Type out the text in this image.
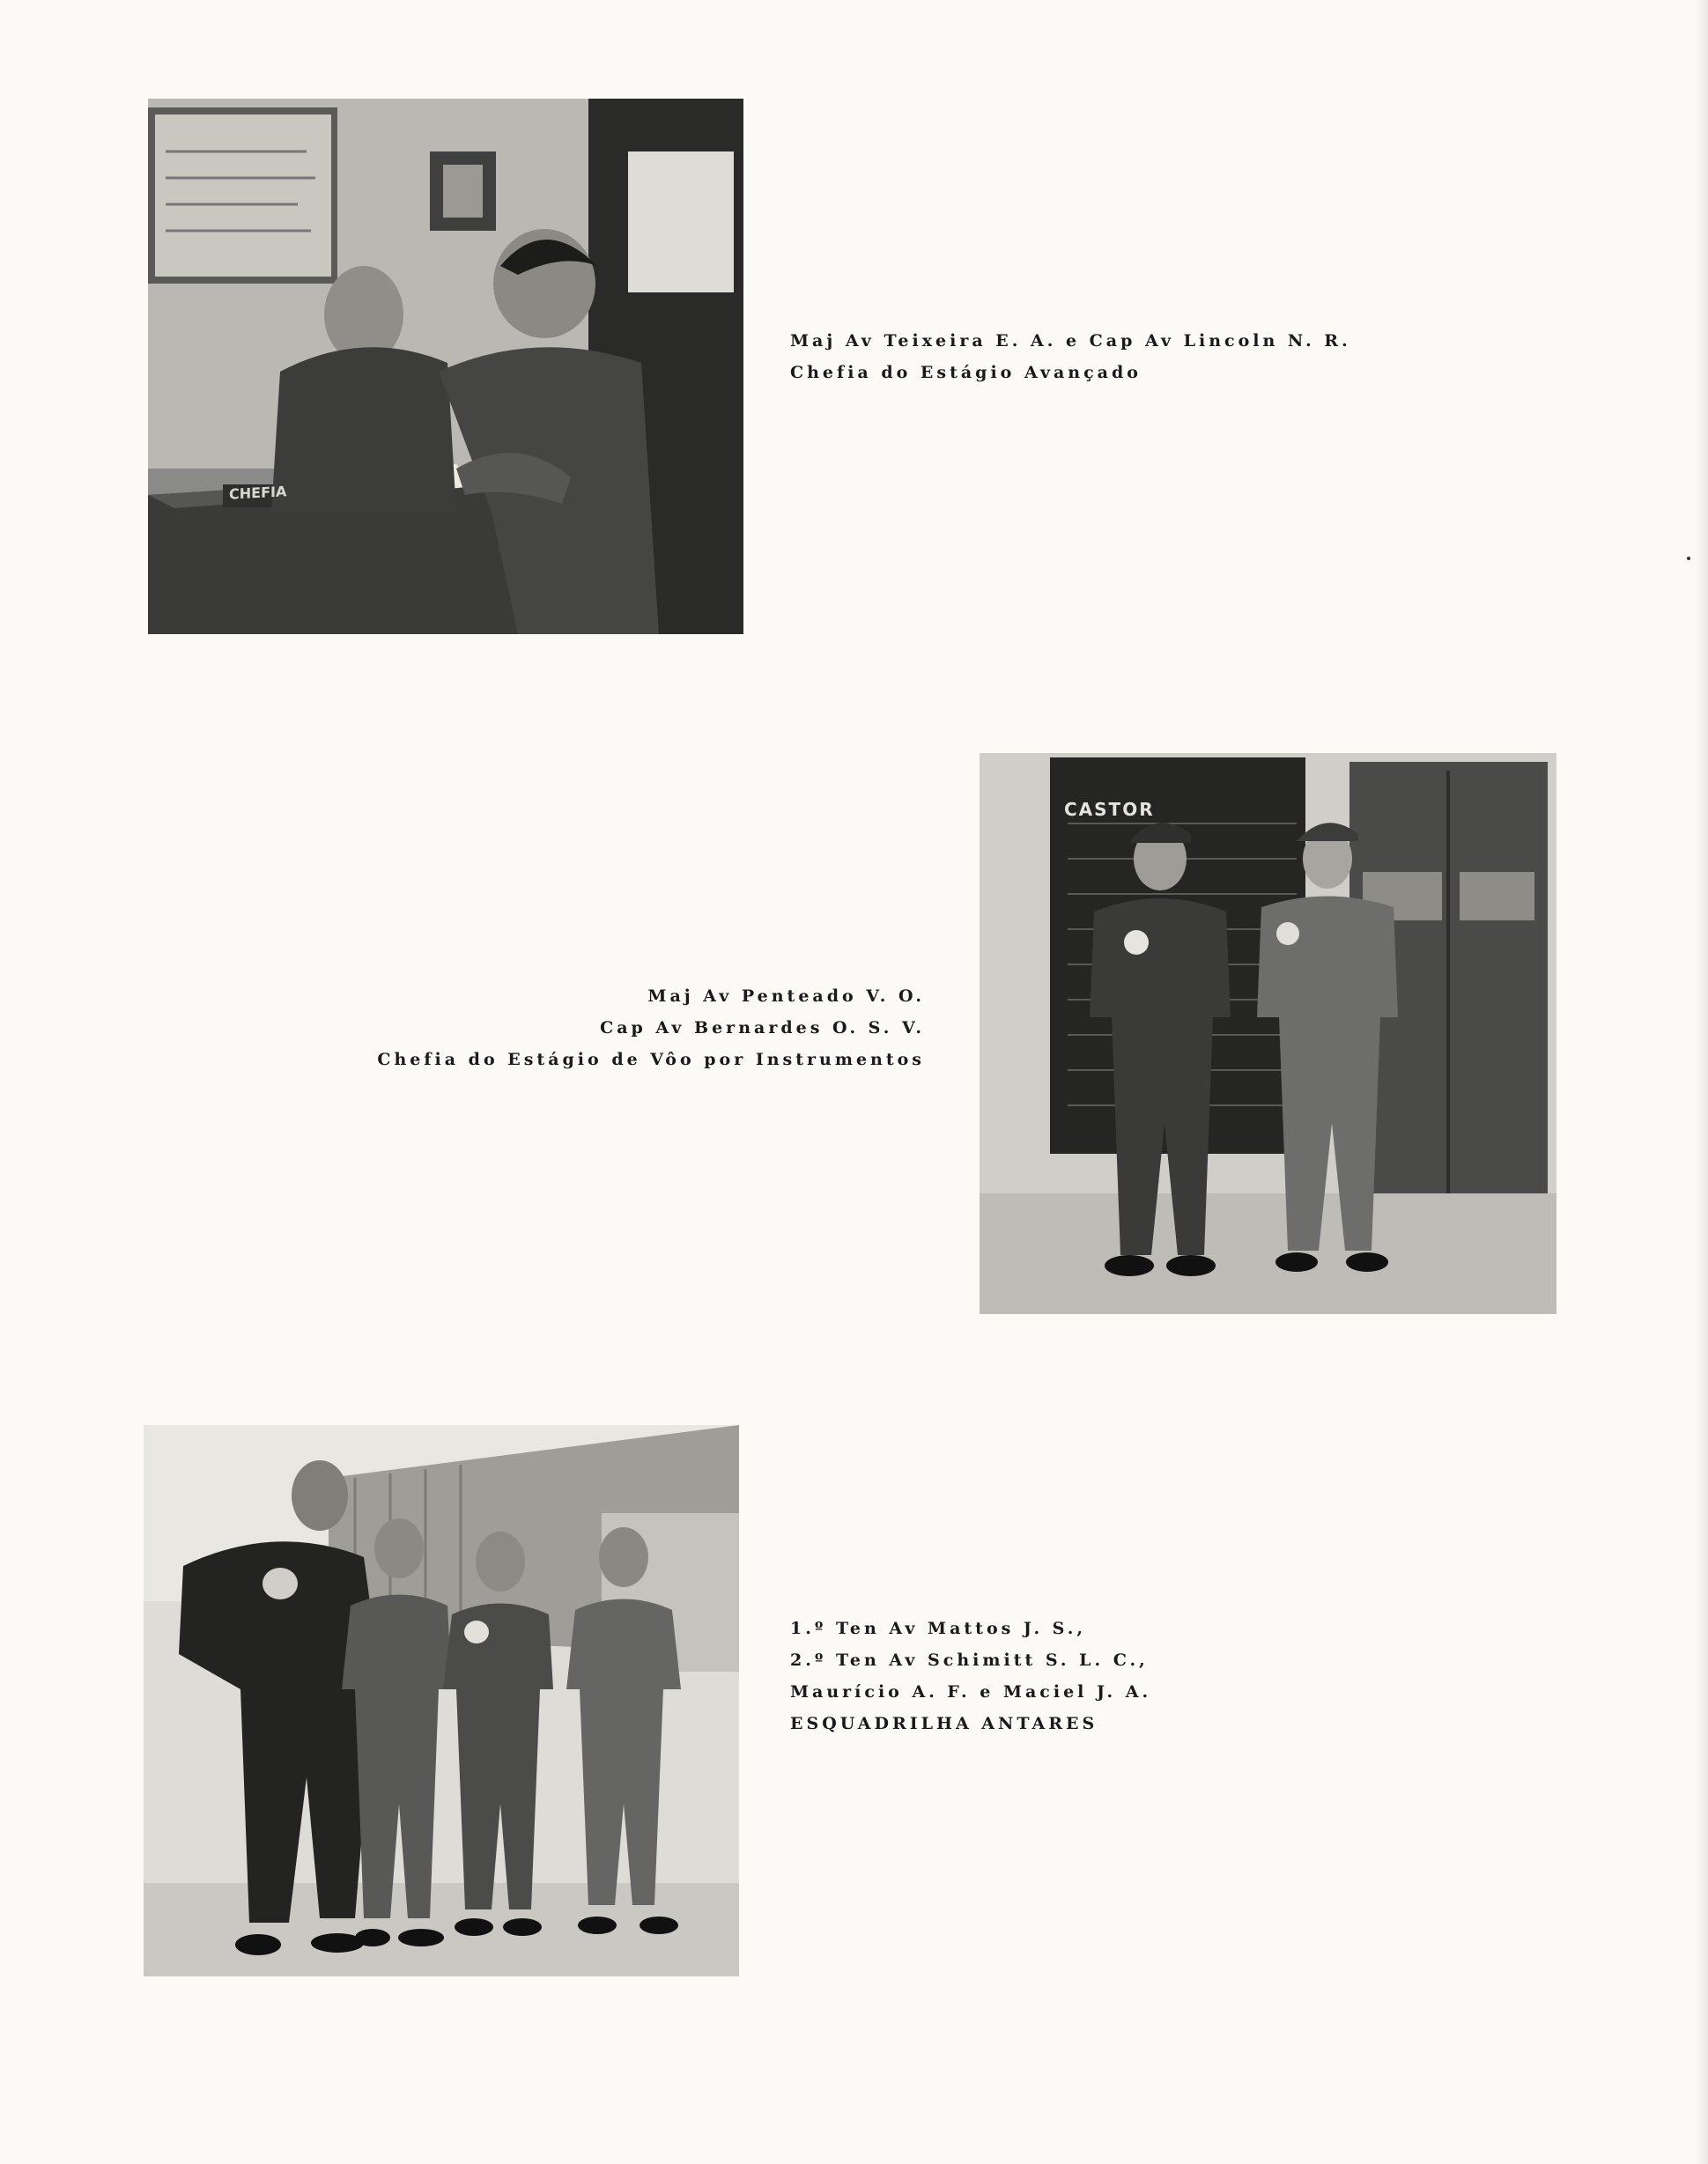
CHEFIA
Maj Av Teixeira E. A. e Cap Av Lincoln N. R.
Chefia do Estágio Avançado
Maj Av Penteado V. O.
Cap Av Bernardes O. S. V.
Chefia do Estágio de Vôo por Instrumentos
CASTOR
1.º Ten Av Mattos J. S.,
2.º Ten Av Schimitt S. L. C.,
Maurício A. F. e Maciel J. A.
ESQUADRILHA ANTARES
